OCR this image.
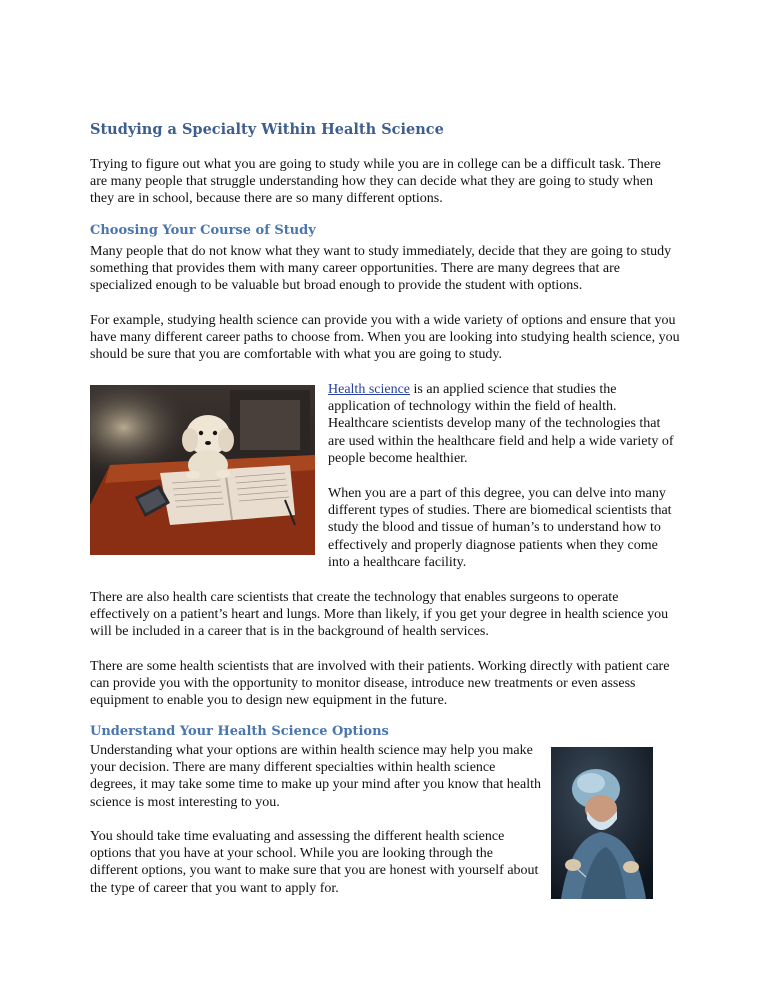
Studying a Specialty Within Health Science

Trying to figure out what you are going to study while you are in college can be a difficult task. There are many people that struggle understanding how they can decide what they are going to study when they are in school, because there are so many different options.

Choosing Your Course of Study

Many people that do not know what they want to study immediately, decide that they are going to study something that provides them with many career opportunities. There are many degrees that are specialized enough to be valuable but broad enough to provide the student with options.

For example, studying health science can provide you with a wide variety of options and ensure that you have many different career paths to choose from. When you are looking into studying health science, you should be sure that you are comfortable with what you are going to study.

Health science is an applied science that studies the application of technology within the field of health. Healthcare scientists develop many of the technologies that are used within the healthcare field and help a wide variety of people become healthier.

When you are a part of this degree, you can delve into many different types of studies. There are biomedical scientists that study the blood and tissue of human’s to understand how to effectively and properly diagnose patients when they come into a healthcare facility.

There are also health care scientists that create the technology that enables surgeons to operate effectively on a patient’s heart and lungs. More than likely, if you get your degree in health science you will be included in a career that is in the background of health services.

There are some health scientists that are involved with their patients. Working directly with patient care can provide you with the opportunity to monitor disease, introduce new treatments or even assess equipment to enable you to design new equipment in the future.

Understand Your Health Science Options

Understanding what your options are within health science may help you make your decision. There are many different specialties within health science degrees, it may take some time to make up your mind after you know that health science is most interesting to you.

You should take time evaluating and assessing the different health science options that you have at your school. While you are looking through the different options, you want to make sure that you are honest with yourself about the type of career that you want to apply for.
